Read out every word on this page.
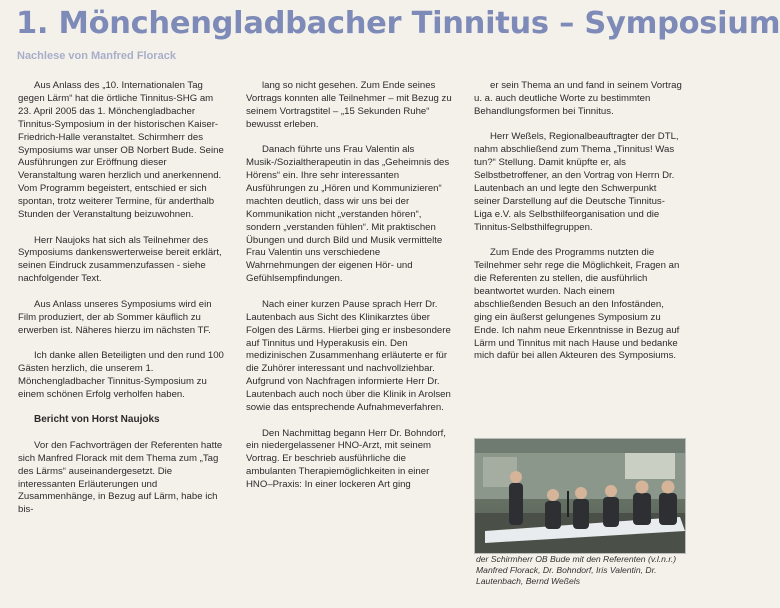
1. Mönchengladbacher Tinnitus – Symposium
Nachlese von Manfred Florack

Aus Anlass des „10. Internationalen Tag gegen Lärm“ hat die örtliche Tinnitus-SHG am 23. April 2005 das 1. Mönchengladbacher Tinnitus-Symposium in der historischen Kaiser-Friedrich-Halle veranstaltet. Schirmherr des Symposiums war unser OB Norbert Bude. Seine Ausführungen zur Eröffnung dieser Veranstaltung waren herzlich und anerkennend. Vom Programm begeistert, entschied er sich spontan, trotz weiterer Termine, für anderthalb Stunden der Veranstaltung beizuwohnen.

Herr Naujoks hat sich als Teilnehmer des Symposiums dankenswerterweise bereit erklärt, seinen Eindruck zusammenzufassen - siehe nachfolgender Text.

Aus Anlass unseres Symposiums wird ein Film produziert, der ab Sommer käuflich zu erwerben ist. Näheres hierzu im nächsten TF.

Ich danke allen Beteiligten und den rund 100 Gästen herzlich, die unserem 1. Mönchengladbacher Tinnitus-Symposium zu einem schönen Erfolg verholfen haben.

Bericht von Horst Naujoks

Vor den Fachvorträgen der Referenten hatte sich Manfred Florack mit dem Thema zum „Tag des Lärms“ auseinandergesetzt. Die interessanten Erläuterungen und Zusammenhänge, in Bezug auf Lärm, habe ich bis-

lang so nicht gesehen. Zum Ende seines Vortrags konnten alle Teilnehmer – mit Bezug zu seinem Vortragstitel – „15 Sekunden Ruhe“ bewusst erleben.

Danach führte uns Frau Valentin als Musik-/Sozialtherapeutin in das „Geheimnis des Hörens“ ein. Ihre sehr interessanten Ausführungen zu „Hören und Kommunizieren“ machten deutlich, dass wir uns bei der Kommunikation nicht „verstanden hören“, sondern „verstanden fühlen“. Mit praktischen Übungen und durch Bild und Musik vermittelte Frau Valentin uns verschiedene Wahrnehmungen der eigenen Hör- und Gefühlsempfindungen.

Nach einer kurzen Pause sprach Herr Dr. Lautenbach aus Sicht des Klinikarztes über Folgen des Lärms. Hierbei ging er insbesondere auf Tinnitus und Hyperakusis ein. Den medizinischen Zusammenhang erläuterte er für die Zuhörer interessant und nachvollziehbar. Aufgrund von Nachfragen informierte Herr Dr. Lautenbach auch noch über die Klinik in Arolsen sowie das entsprechende Aufnahmeverfahren.

Den Nachmittag begann Herr Dr. Bohndorf, ein niedergelassener HNO-Arzt, mit seinem Vortrag. Er beschrieb ausführliche die ambulanten Therapiemöglichkeiten in einer HNO–Praxis: In einer lockeren Art ging

er sein Thema an und fand in seinem Vortrag u. a. auch deutliche Worte zu bestimmten Behandlungsformen bei Tinnitus.

Herr Weßels, Regionalbeauftragter der DTL, nahm abschließend zum Thema „Tinnitus! Was tun?“ Stellung. Damit knüpfte er, als Selbstbetroffener, an den Vortrag von Herrn Dr. Lautenbach an und legte den Schwerpunkt seiner Darstellung auf die Deutsche Tinnitus-Liga e.V. als Selbsthilfeorganisation und die Tinnitus-Selbsthilfegruppen.

Zum Ende des Programms nutzten die Teilnehmer sehr rege die Möglichkeit, Fragen an die Referenten zu stellen, die ausführlich beantwortet wurden. Nach einem abschließenden Besuch an den Infoständen, ging ein äußerst gelungenes Symposium zu Ende. Ich nahm neue Erkenntnisse in Bezug auf Lärm und Tinnitus mit nach Hause und bedanke mich dafür bei allen Akteuren des Symposiums.

der Schirmherr OB Bude mit den Referenten (v.l.n.r.) Manfred Florack, Dr. Bohndorf, Iris Valentin, Dr. Lautenbach, Bernd Weßels
